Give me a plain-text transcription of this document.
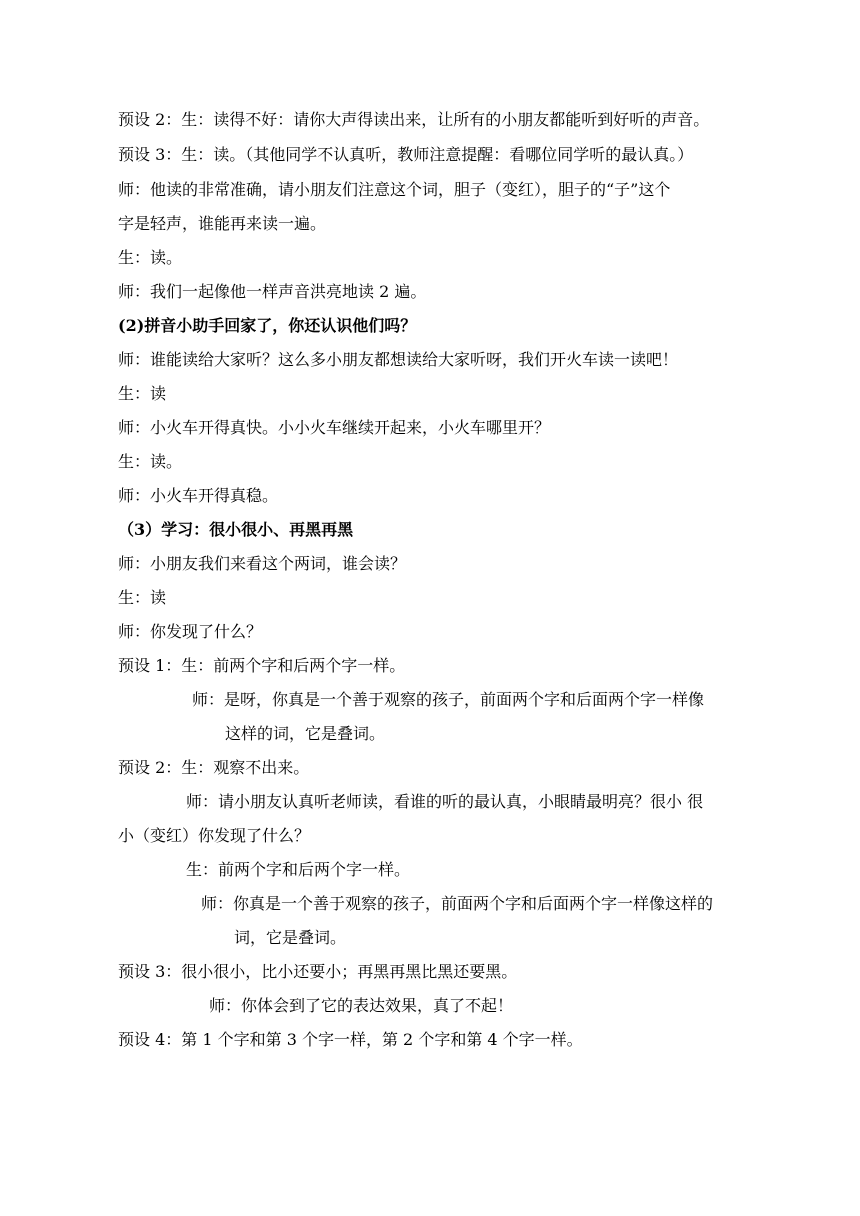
预设 2：生：读得不好：请你大声得读出来，让所有的小朋友都能听到好听的声音。
预设 3：生：读。（其他同学不认真听，教师注意提醒：看哪位同学听的最认真。）
师：他读的非常准确，请小朋友们注意这个词，胆子（变红），胆子的“子”这个
字是轻声，谁能再来读一遍。
生：读。
师：我们一起像他一样声音洪亮地读 2 遍。
(2)拼音小助手回家了，你还认识他们吗？
师：谁能读给大家听？这么多小朋友都想读给大家听呀，我们开火车读一读吧！
生：读
师：小火车开得真快。小小火车继续开起来，小火车哪里开？
生：读。
师：小火车开得真稳。
（3）学习：很小很小、再黑再黑
师：小朋友我们来看这个两词，谁会读？
生：读
师：你发现了什么？
预设 1：生：前两个字和后两个字一样。
师：是呀，你真是一个善于观察的孩子，前面两个字和后面两个字一样像
这样的词，它是叠词。
预设 2：生：观察不出来。
师：请小朋友认真听老师读，看谁的听的最认真，小眼睛最明亮？很小 很
小（变红）你发现了什么？
生：前两个字和后两个字一样。
师：你真是一个善于观察的孩子，前面两个字和后面两个字一样像这样的
词，它是叠词。
预设 3：很小很小，比小还要小；再黑再黑比黑还要黑。
师：你体会到了它的表达效果，真了不起！
预设 4：第 1 个字和第 3 个字一样，第 2 个字和第 4 个字一样。
